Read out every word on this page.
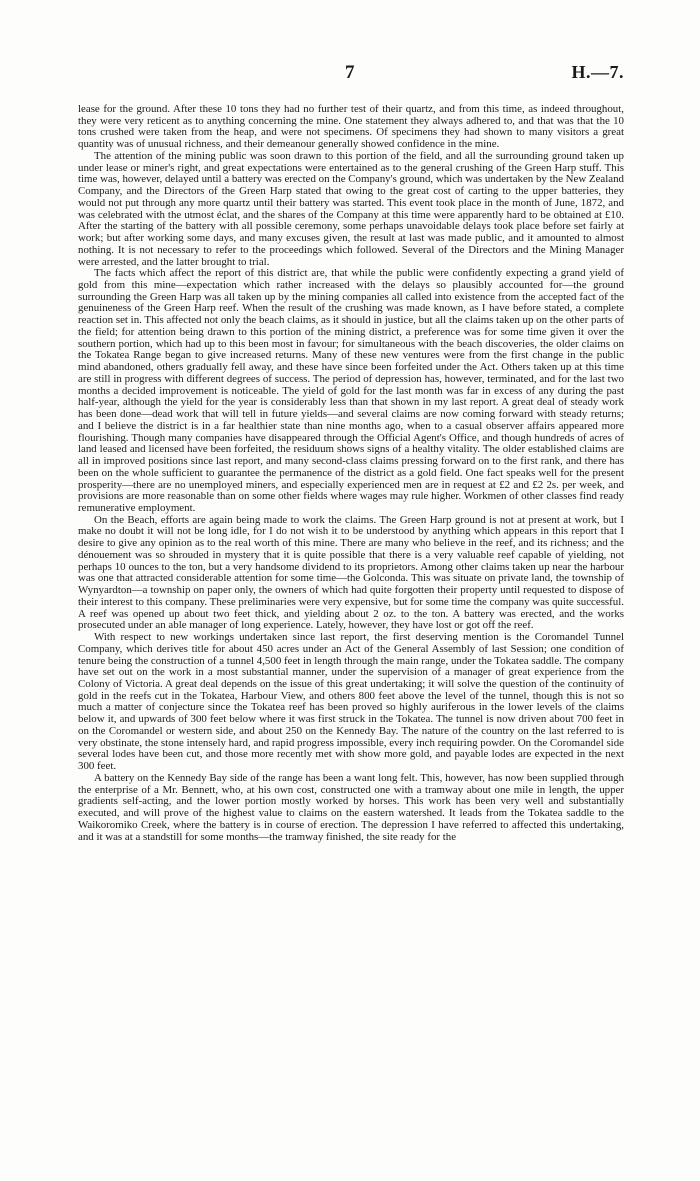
7	H.—7.

lease for the ground. After these 10 tons they had no further test of their quartz, and from this time, as indeed throughout, they were very reticent as to anything concerning the mine. One statement they always adhered to, and that was that the 10 tons crushed were taken from the heap, and were not specimens. Of specimens they had shown to many visitors a great quantity was of unusual richness, and their demeanour generally showed confidence in the mine.

The attention of the mining public was soon drawn to this portion of the field, and all the surrounding ground taken up under lease or miner's right, and great expectations were entertained as to the general crushing of the Green Harp stuff. This time was, however, delayed until a battery was erected on the Company's ground, which was undertaken by the New Zealand Company, and the Directors of the Green Harp stated that owing to the great cost of carting to the upper batteries, they would not put through any more quartz until their battery was started. This event took place in the month of June, 1872, and was celebrated with the utmost éclat, and the shares of the Company at this time were apparently hard to be obtained at £10. After the starting of the battery with all possible ceremony, some perhaps unavoidable delays took place before set fairly at work; but after working some days, and many excuses given, the result at last was made public, and it amounted to almost nothing. It is not necessary to refer to the proceedings which followed. Several of the Directors and the Mining Manager were arrested, and the latter brought to trial.

The facts which affect the report of this district are, that while the public were confidently expecting a grand yield of gold from this mine—expectation which rather increased with the delays so plausibly accounted for—the ground surrounding the Green Harp was all taken up by the mining companies all called into existence from the accepted fact of the genuineness of the Green Harp reef. When the result of the crushing was made known, as I have before stated, a complete reaction set in. This affected not only the beach claims, as it should in justice, but all the claims taken up on the other parts of the field; for attention being drawn to this portion of the mining district, a preference was for some time given it over the southern portion, which had up to this been most in favour; for simultaneous with the beach discoveries, the older claims on the Tokatea Range began to give increased returns. Many of these new ventures were from the first change in the public mind abandoned, others gradually fell away, and these have since been forfeited under the Act. Others taken up at this time are still in progress with different degrees of success. The period of depression has, however, terminated, and for the last two months a decided improvement is noticeable. The yield of gold for the last month was far in excess of any during the past half-year, although the yield for the year is considerably less than that shown in my last report. A great deal of steady work has been done—dead work that will tell in future yields—and several claims are now coming forward with steady returns; and I believe the district is in a far healthier state than nine months ago, when to a casual observer affairs appeared more flourishing. Though many companies have disappeared through the Official Agent's Office, and though hundreds of acres of land leased and licensed have been forfeited, the residuum shows signs of a healthy vitality. The older established claims are all in improved positions since last report, and many second-class claims pressing forward on to the first rank, and there has been on the whole sufficient to guarantee the permanence of the district as a gold field. One fact speaks well for the present prosperity—there are no unemployed miners, and especially experienced men are in request at £2 and £2 2s. per week, and provisions are more reasonable than on some other fields where wages may rule higher. Workmen of other classes find ready remunerative employment.

On the Beach, efforts are again being made to work the claims. The Green Harp ground is not at present at work, but I make no doubt it will not be long idle, for I do not wish it to be understood by anything which appears in this report that I desire to give any opinion as to the real worth of this mine. There are many who believe in the reef, and its richness; and the dénouement was so shrouded in mystery that it is quite possible that there is a very valuable reef capable of yielding, not perhaps 10 ounces to the ton, but a very handsome dividend to its proprietors. Among other claims taken up near the harbour was one that attracted considerable attention for some time—the Golconda. This was situate on private land, the township of Wynyardton—a township on paper only, the owners of which had quite forgotten their property until requested to dispose of their interest to this company. These preliminaries were very expensive, but for some time the company was quite successful. A reef was opened up about two feet thick, and yielding about 2 oz. to the ton. A battery was erected, and the works prosecuted under an able manager of long experience. Lately, however, they have lost or got off the reef.

With respect to new workings undertaken since last report, the first deserving mention is the Coromandel Tunnel Company, which derives title for about 450 acres under an Act of the General Assembly of last Session; one condition of tenure being the construction of a tunnel 4,500 feet in length through the main range, under the Tokatea saddle. The company have set out on the work in a most substantial manner, under the supervision of a manager of great experience from the Colony of Victoria. A great deal depends on the issue of this great undertaking; it will solve the question of the continuity of gold in the reefs cut in the Tokatea, Harbour View, and others 800 feet above the level of the tunnel, though this is not so much a matter of conjecture since the Tokatea reef has been proved so highly auriferous in the lower levels of the claims below it, and upwards of 300 feet below where it was first struck in the Tokatea. The tunnel is now driven about 700 feet in on the Coromandel or western side, and about 250 on the Kennedy Bay. The nature of the country on the last referred to is very obstinate, the stone intensely hard, and rapid progress impossible, every inch requiring powder. On the Coromandel side several lodes have been cut, and those more recently met with show more gold, and payable lodes are expected in the next 300 feet.

A battery on the Kennedy Bay side of the range has been a want long felt. This, however, has now been supplied through the enterprise of a Mr. Bennett, who, at his own cost, constructed one with a tramway about one mile in length, the upper gradients self-acting, and the lower portion mostly worked by horses. This work has been very well and substantially executed, and will prove of the highest value to claims on the eastern watershed. It leads from the Tokatea saddle to the Waikoromiko Creek, where the battery is in course of erection. The depression I have referred to affected this undertaking, and it was at a standstill for some months—the tramway finished, the site ready for the
